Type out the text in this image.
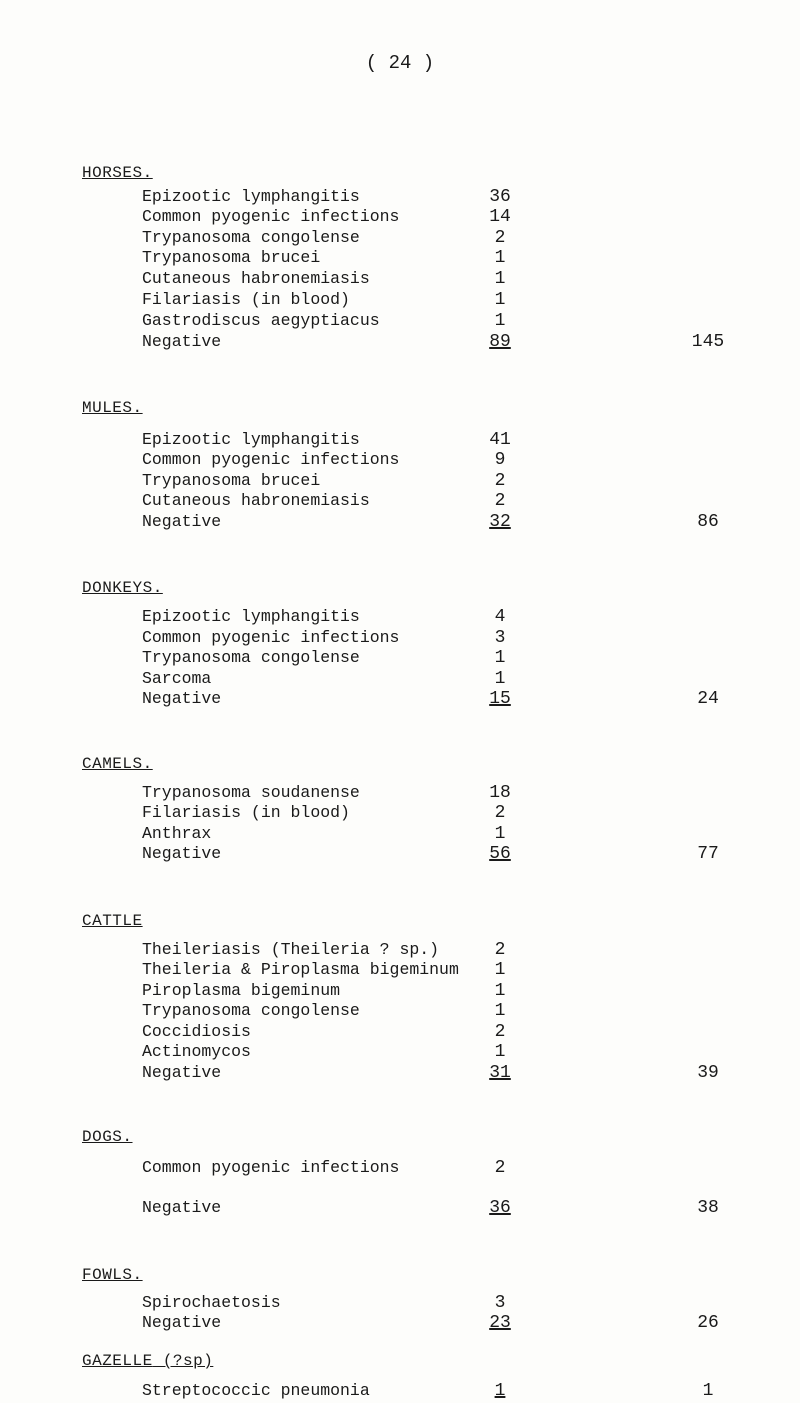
( 24 )
HORSES.
Epizootic lymphangitis	36
Common pyogenic infections	14
Trypanosoma congolense	2
Trypanosoma brucei	1
Cutaneous habronemiasis	1
Filariasis (in blood)	1
Gastrodiscus aegyptiacus	1
Negative	89	145
MULES.
Epizootic lymphangitis	41
Common pyogenic infections	9
Trypanosoma brucei	2
Cutaneous habronemiasis	2
Negative	32	86
DONKEYS.
Epizootic lymphangitis	4
Common pyogenic infections	3
Trypanosoma congolense	1
Sarcoma	1
Negative	15	24
CAMELS.
Trypanosoma soudanense	18
Filariasis (in blood)	2
Anthrax	1
Negative	56	77
CATTLE
Theileriasis (Theileria ? sp.)	2
Theileria & Piroplasma bigeminum	1
Piroplasma bigeminum	1
Trypanosoma congolense	1
Coccidiosis	2
Actinomycos	1
Negative	31	39
DOGS.
Common pyogenic infections	2
Negative	36	38
FOWLS.
Spirochaetosis	3
Negative	23	26
GAZELLE (?sp)
Streptococcic pneumonia	1	1
